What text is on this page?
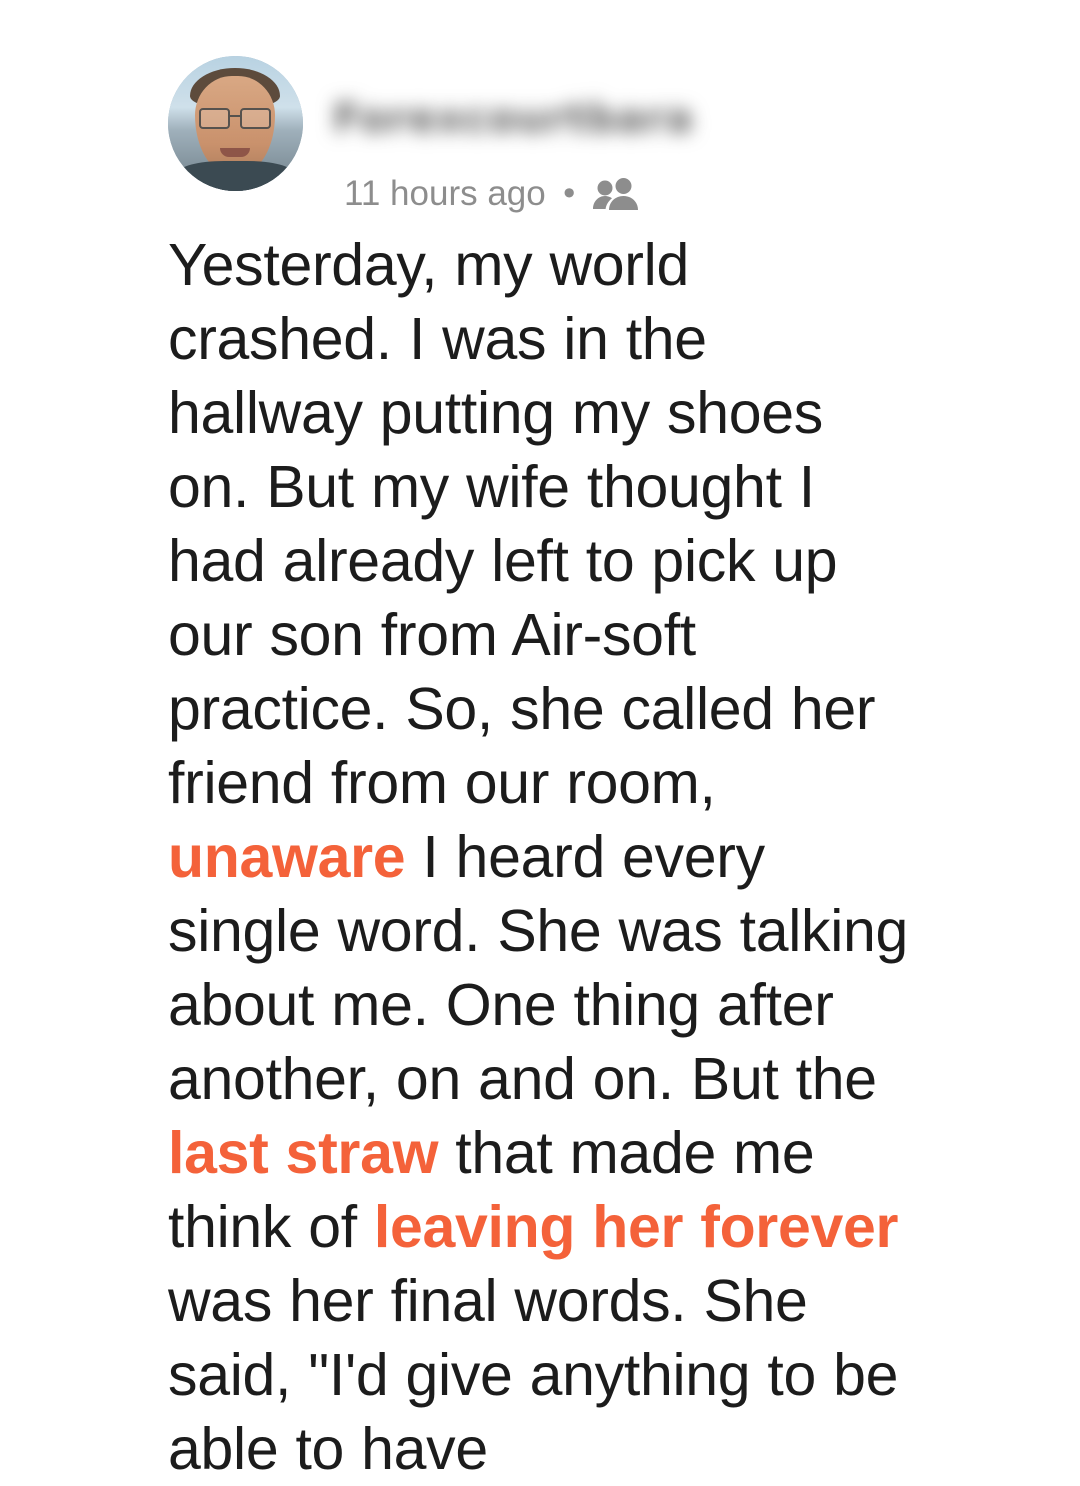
Forexcourtbara
11 hours ago •
Yesterday, my world crashed. I was in the hallway putting my shoes on. But my wife thought I had already left to pick up our son from Air-soft practice. So, she called her friend from our room, unaware I heard every single word. She was talking about me. One thing after another, on and on. But the last straw that made me think of leaving her forever was her final words. She said, "I'd give anything to be able to have
